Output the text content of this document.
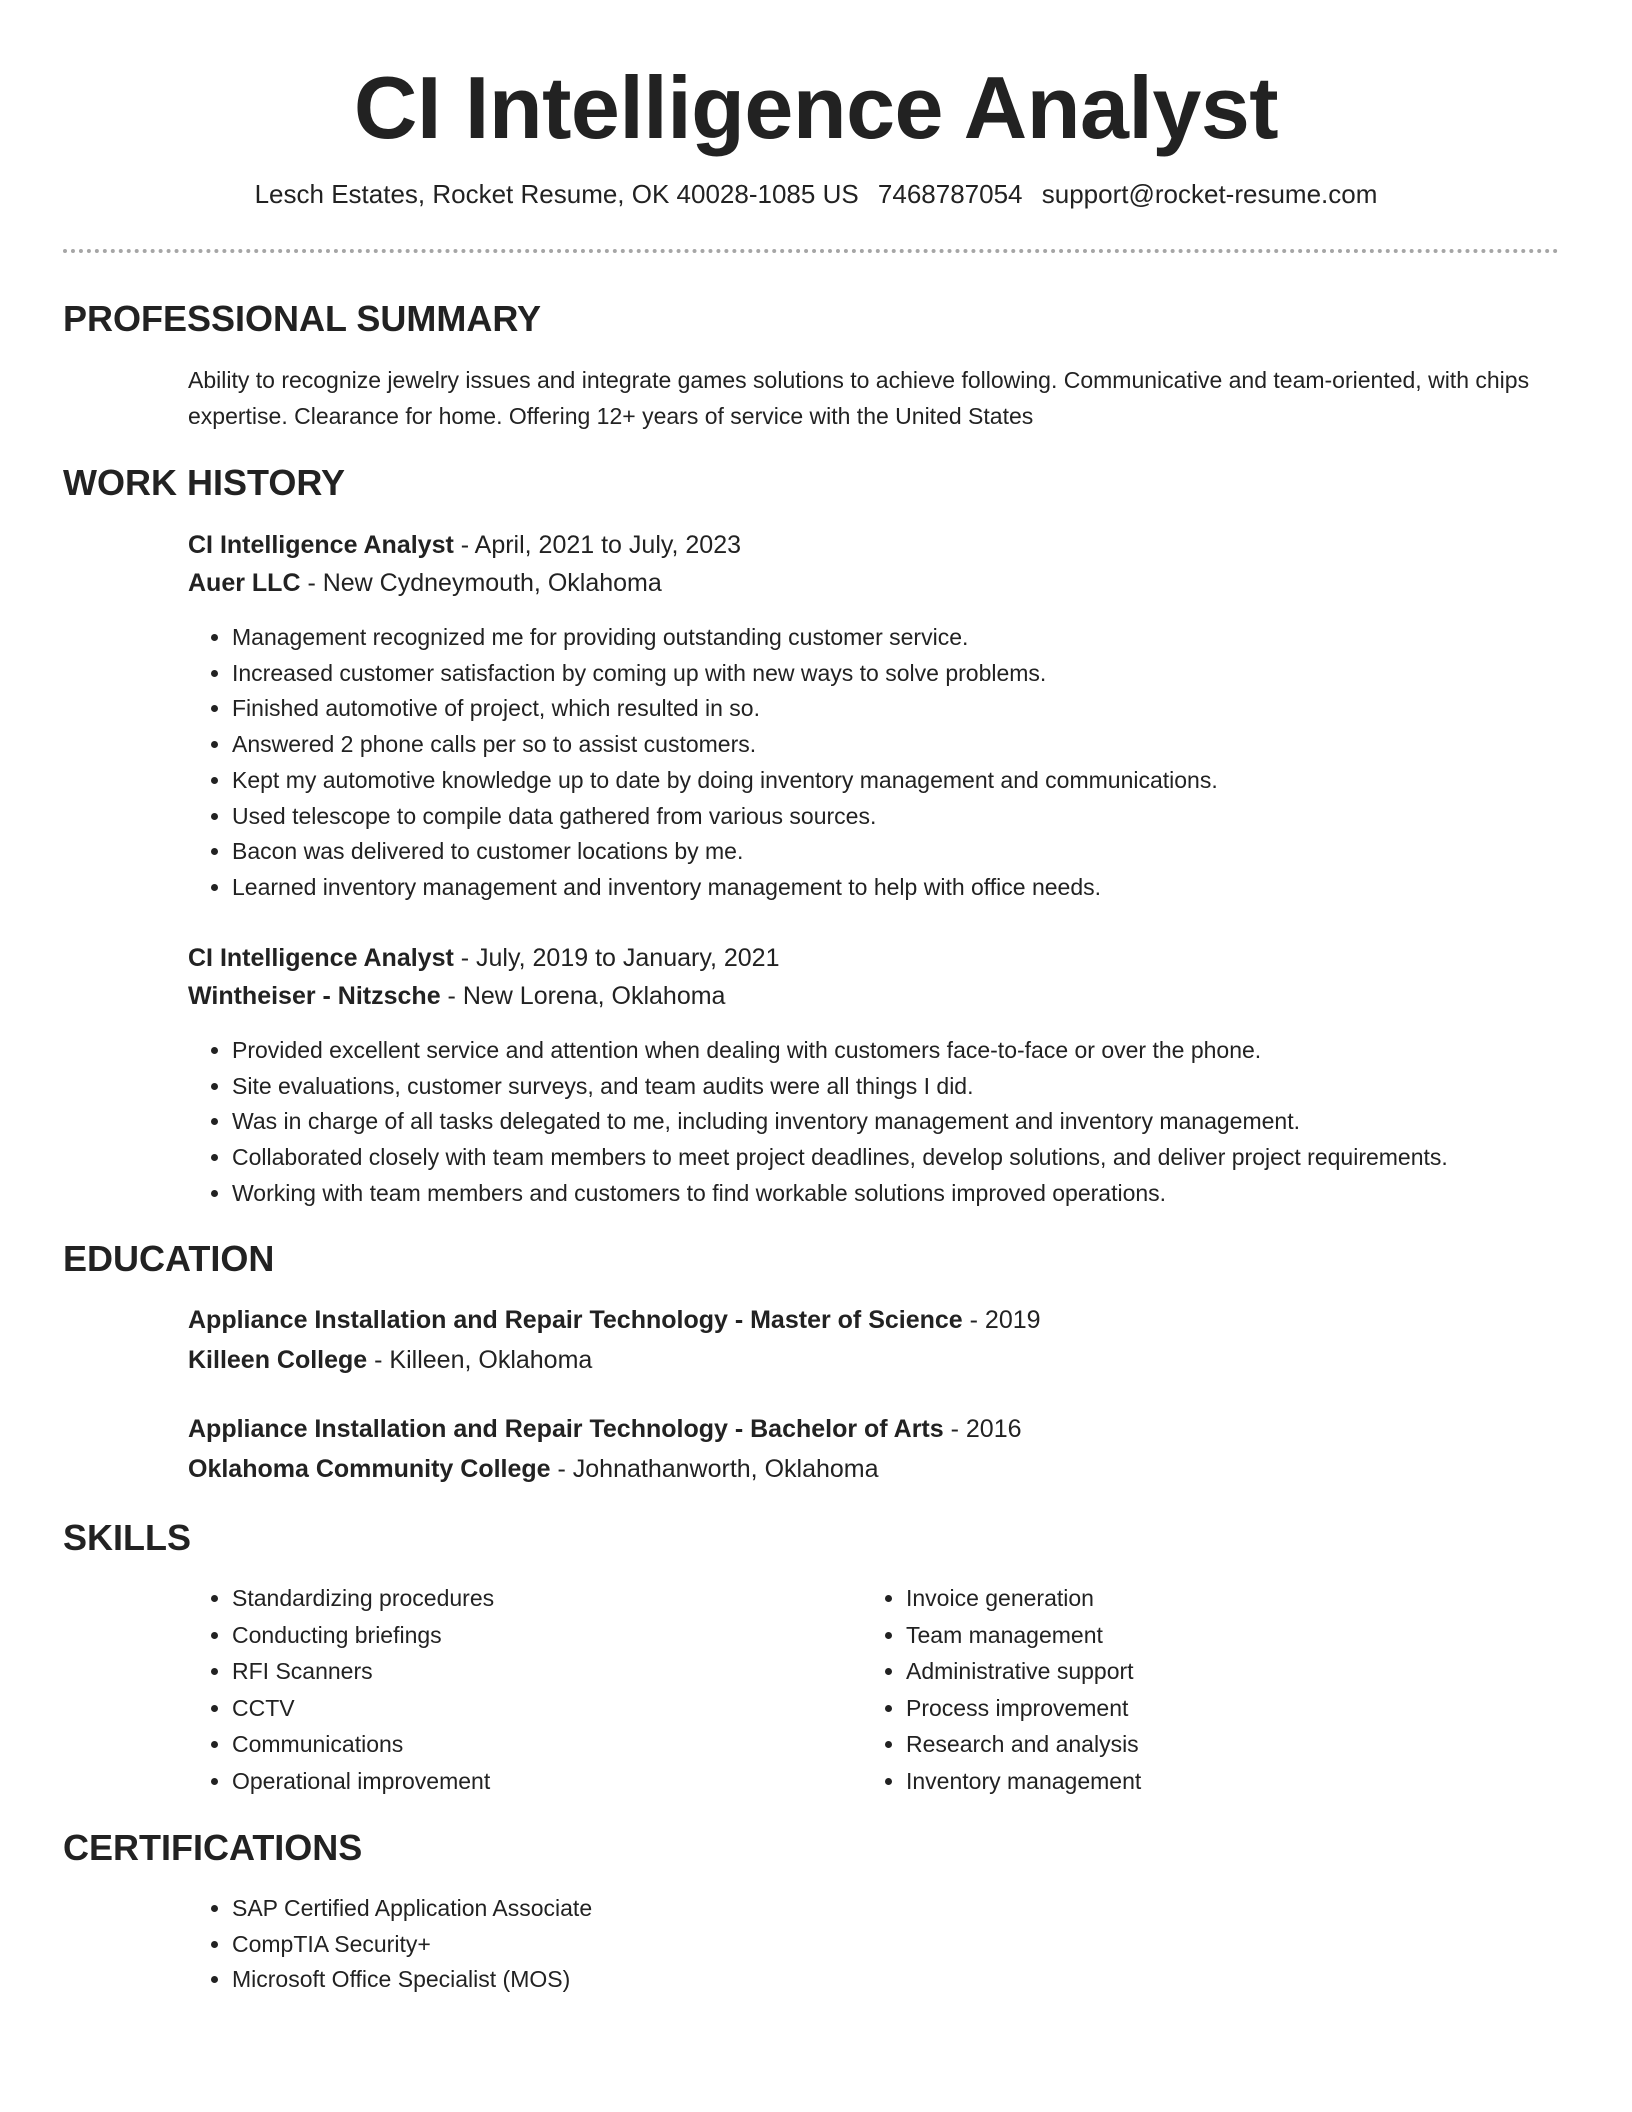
CI Intelligence Analyst
Lesch Estates, Rocket Resume, OK 40028-1085 US 7468787054 support@rocket-resume.com
PROFESSIONAL SUMMARY

Ability to recognize jewelry issues and integrate games solutions to achieve following. Communicative and team-oriented, with chips expertise. Clearance for home. Offering 12+ years of service with the United States

WORK HISTORY
CI Intelligence Analyst - April, 2021 to July, 2023
Auer LLC - New Cydneymouth, Oklahoma
• Management recognized me for providing outstanding customer service.
• Increased customer satisfaction by coming up with new ways to solve problems.
• Finished automotive of project, which resulted in so.
• Answered 2 phone calls per so to assist customers.
• Kept my automotive knowledge up to date by doing inventory management and communications.
• Used telescope to compile data gathered from various sources.
• Bacon was delivered to customer locations by me.
• Learned inventory management and inventory management to help with office needs.
CI Intelligence Analyst - July, 2019 to January, 2021
Wintheiser - Nitzsche - New Lorena, Oklahoma
• Provided excellent service and attention when dealing with customers face-to-face or over the phone.
• Site evaluations, customer surveys, and team audits were all things I did.
• Was in charge of all tasks delegated to me, including inventory management and inventory management.
• Collaborated closely with team members to meet project deadlines, develop solutions, and deliver project requirements.
• Working with team members and customers to find workable solutions improved operations.
EDUCATION
Appliance Installation and Repair Technology - Master of Science - 2019
Killeen College - Killeen, Oklahoma
Appliance Installation and Repair Technology - Bachelor of Arts - 2016
Oklahoma Community College - Johnathanworth, Oklahoma
SKILLS
• Standardizing procedures
• Conducting briefings
• RFI Scanners
• CCTV
• Communications
• Operational improvement
• Invoice generation
• Team management
• Administrative support
• Process improvement
• Research and analysis
• Inventory management
CERTIFICATIONS
• SAP Certified Application Associate
• CompTIA Security+
• Microsoft Office Specialist (MOS)
